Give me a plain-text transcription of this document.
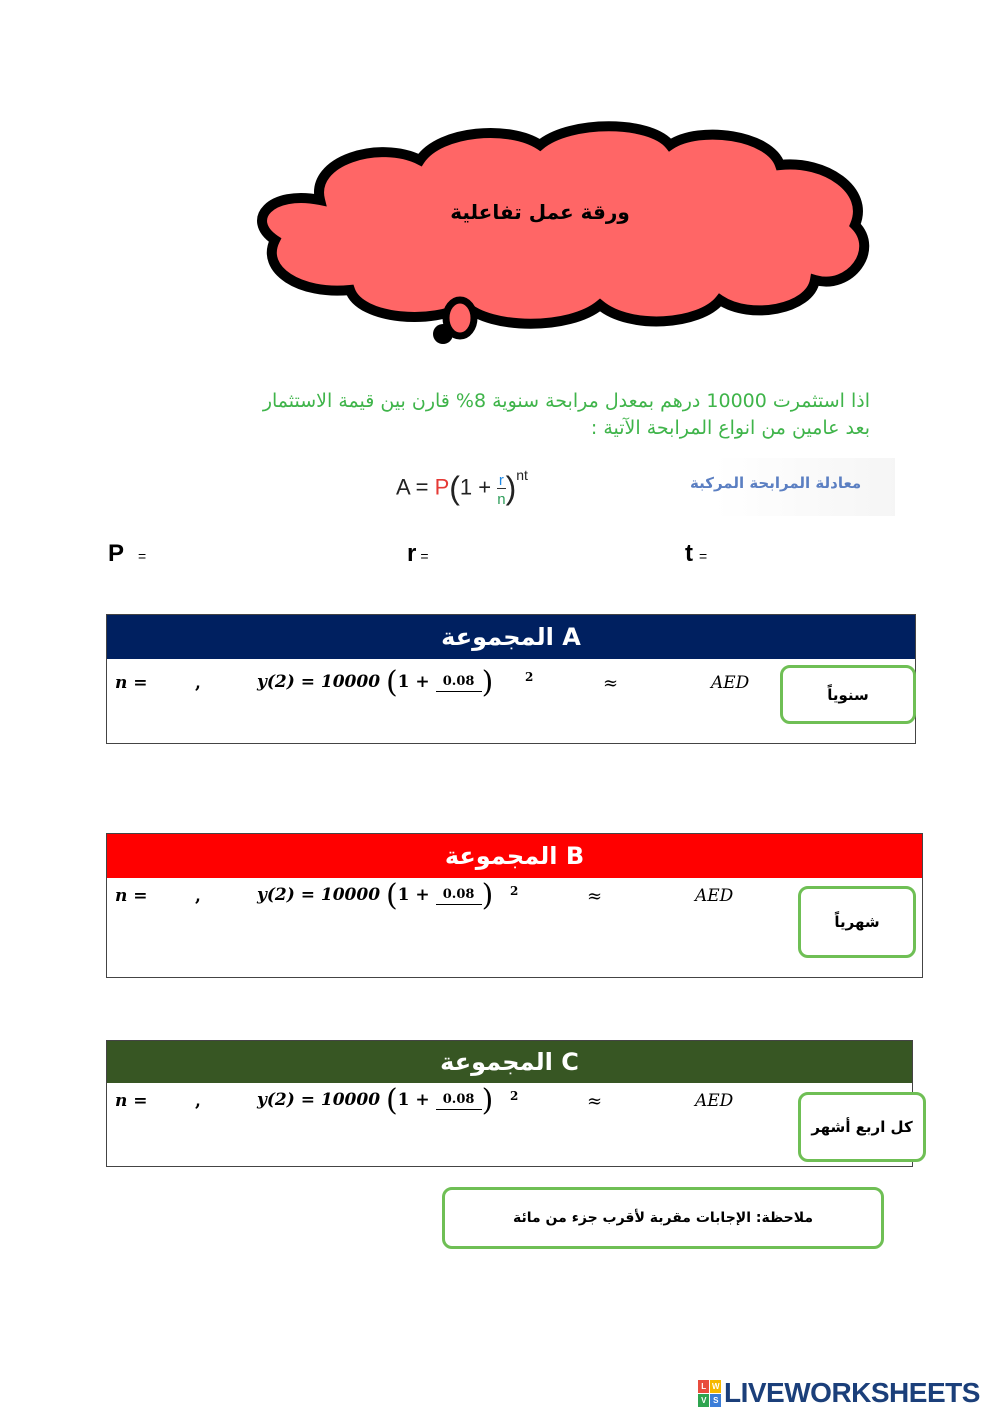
ورقة عمل تفاعلية
اذا استثمرت 10000 درهم بمعدل مرابحة سنوية 8% قارن بين قيمة الاستثمار
بعد عامين من انواع المرابحة الآتية :
$A = P(1 + \frac{r}{n})^{nt}$	معادلة المرابحة المركبة
P =	r =	t =
المجموعة A
n =	,	y(2) = 10000 (1 + 0.08 )	2	≈	AED
سنوياً
المجموعة B
n =	,	y(2) = 10000 (1 + 0.08 ) 2	≈	AED
شهرياً
المجموعة C
n =	,	y(2) = 10000 (1 + 0.08 ) 2	≈	AED
كل اربع أشهر
ملاحظة: الإجابات مقربة لأقرب جزء من مائة
L W
V S LIVEWORKSHEETS
